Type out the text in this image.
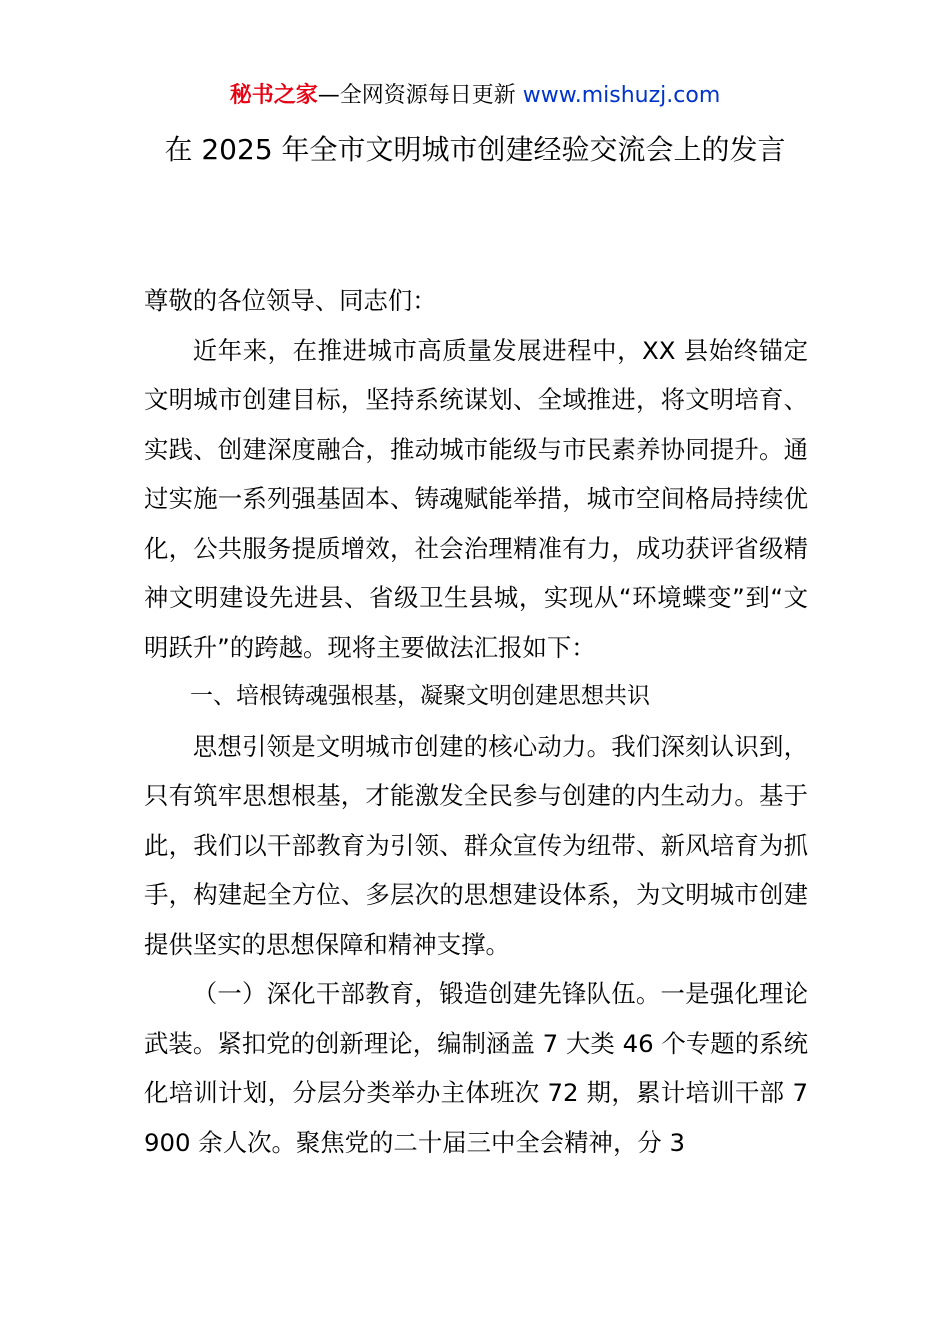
秘书之家—全网资源每日更新 www.mishuzj.com
在 2025 年全市文明城市创建经验交流会上的发言

尊敬的各位领导、同志们：

近年来，在推进城市高质量发展进程中，XX 县始终锚定文明城市创建目标，坚持系统谋划、全域推进，将文明培育、实践、创建深度融合，推动城市能级与市民素养协同提升。通过实施一系列强基固本、铸魂赋能举措，城市空间格局持续优化，公共服务提质增效，社会治理精准有力，成功获评省级精神文明建设先进县、省级卫生县城，实现从“环境蝶变”到“文明跃升”的跨越。现将主要做法汇报如下：

一、培根铸魂强根基，凝聚文明创建思想共识

思想引领是文明城市创建的核心动力。我们深刻认识到，只有筑牢思想根基，才能激发全民参与创建的内生动力。基于此，我们以干部教育为引领、群众宣传为纽带、新风培育为抓手，构建起全方位、多层次的思想建设体系，为文明城市创建提供坚实的思想保障和精神支撑。

（一）深化干部教育，锻造创建先锋队伍。一是强化理论武装。紧扣党的创新理论，编制涵盖 7 大类 46 个专题的系统化培训计划，分层分类举办主体班次 72 期，累计培训干部 7900 余人次。聚焦党的二十届三中全会精神，分 3
